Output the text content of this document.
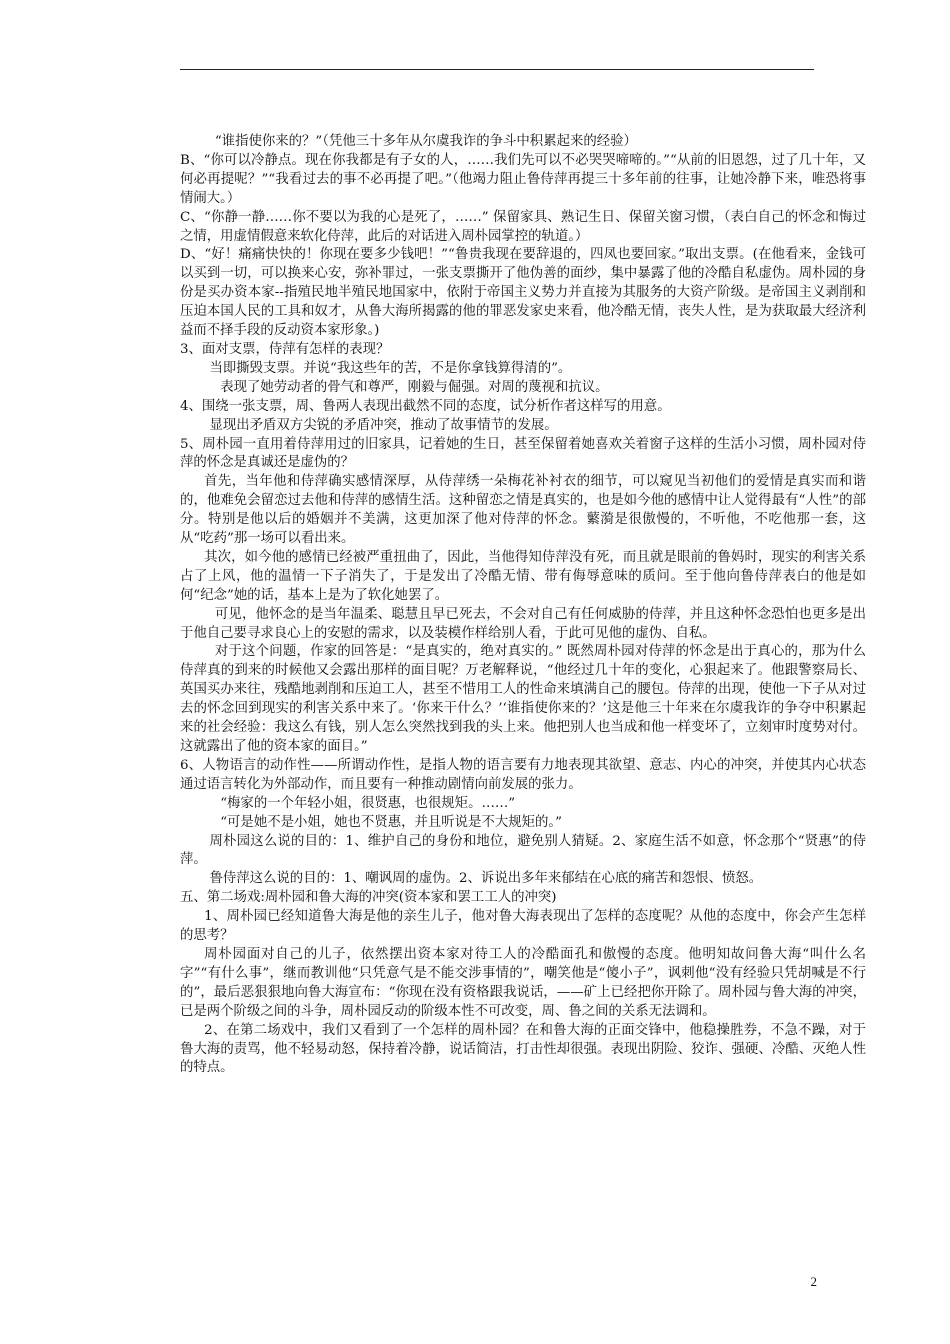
“谁指使你来的？”（凭他三十多年从尔虞我诈的争斗中积累起来的经验）

B、“你可以冷静点。现在你我都是有子女的人，……我们先可以不必哭哭啼啼的。”“从前的旧恩怨，过了几十年，又何必再提呢？”“我看过去的事不必再提了吧。”（他竭力阻止鲁侍萍再提三十多年前的往事，让她冷静下来，唯恐将事情闹大。）

C、“你静一静……你不要以为我的心是死了，……” 保留家具、熟记生日、保留关窗习惯，（表白自己的怀念和悔过之情，用虚情假意来软化侍萍，此后的对话进入周朴园掌控的轨道。）

D、“好！痛痛快快的！你现在要多少钱吧！”“鲁贵我现在要辞退的，四凤也要回家。”取出支票。(在他看来，金钱可以买到一切，可以换来心安，弥补罪过，一张支票撕开了他伪善的面纱，集中暴露了他的冷酷自私虚伪。周朴园的身份是买办资本家--指殖民地半殖民地国家中，依附于帝国主义势力并直接为其服务的大资产阶级。是帝国主义剥削和压迫本国人民的工具和奴才，从鲁大海所揭露的他的罪恶发家史来看，他冷酷无情，丧失人性，是为获取最大经济利益而不择手段的反动资本家形象。)

3、面对支票，侍萍有怎样的表现？

当即撕毁支票。并说“我这些年的苦，不是你拿钱算得清的”。

表现了她劳动者的骨气和尊严，刚毅与倔强。对周的蔑视和抗议。

4、围绕一张支票，周、鲁两人表现出截然不同的态度，试分析作者这样写的用意。

显现出矛盾双方尖锐的矛盾冲突，推动了故事情节的发展。

5、周朴园一直用着侍萍用过的旧家具，记着她的生日，甚至保留着她喜欢关着窗子这样的生活小习惯，周朴园对侍萍的怀念是真诚还是虚伪的？

首先，当年他和侍萍确实感情深厚，从侍萍绣一朵梅花补衬衣的细节，可以窥见当初他们的爱情是真实而和谐的，他难免会留恋过去他和侍萍的感情生活。这种留恋之情是真实的，也是如今他的感情中让人觉得最有“人性”的部分。特别是他以后的婚姻并不美满，这更加深了他对侍萍的怀念。蘩漪是很傲慢的，不听他，不吃他那一套，这从“吃药”那一场可以看出来。

其次，如今他的感情已经被严重扭曲了，因此，当他得知侍萍没有死，而且就是眼前的鲁妈时，现实的利害关系占了上风，他的温情一下子消失了，于是发出了冷酷无情、带有侮辱意味的质问。至于他向鲁侍萍表白的他是如何“纪念”她的话，基本上是为了软化她罢了。

可见，他怀念的是当年温柔、聪慧且早已死去，不会对自己有任何威胁的侍萍，并且这种怀念恐怕也更多是出于他自己要寻求良心上的安慰的需求，以及装模作样给别人看，于此可见他的虚伪、自私。

对于这个问题，作家的回答是：“是真实的，绝对真实的。” 既然周朴园对侍萍的怀念是出于真心的，那为什么侍萍真的到来的时候他又会露出那样的面目呢？万老解释说，“他经过几十年的变化，心狠起来了。他跟警察局长、英国买办来往，残酷地剥削和压迫工人，甚至不惜用工人的性命来填满自己的腰包。侍萍的出现，使他一下子从对过去的怀念回到现实的利害关系中来了。‘你来干什么？’‘谁指使你来的？’这是他三十年来在尔虞我诈的争夺中积累起来的社会经验：我这么有钱，别人怎么突然找到我的头上来。他把别人也当成和他一样变坏了，立刻审时度势对付。这就露出了他的资本家的面目。”

6、人物语言的动作性——所谓动作性，是指人物的语言要有力地表现其欲望、意志、内心的冲突，并使其内心状态通过语言转化为外部动作，而且要有一种推动剧情向前发展的张力。

“梅家的一个年轻小姐，很贤惠，也很规矩。……”

“可是她不是小姐，她也不贤惠，并且听说是不大规矩的。”

周朴园这么说的目的：1、维护自己的身份和地位，避免别人猜疑。2、家庭生活不如意，怀念那个“贤惠”的侍萍。

鲁侍萍这么说的目的：1、嘲讽周的虚伪。2、诉说出多年来郁结在心底的痛苦和怨恨、愤怒。

五、第二场戏:周朴园和鲁大海的冲突(资本家和罢工工人的冲突)

1、周朴园已经知道鲁大海是他的亲生儿子，他对鲁大海表现出了怎样的态度呢？从他的态度中，你会产生怎样的思考？

周朴园面对自己的儿子，依然摆出资本家对待工人的冷酷面孔和傲慢的态度。他明知故问鲁大海“叫什么名字”“有什么事”，继而教训他“只凭意气是不能交涉事情的”，嘲笑他是“傻小子”，讽刺他“没有经验只凭胡喊是不行的”，最后恶狠狠地向鲁大海宣布：“你现在没有资格跟我说话，——矿上已经把你开除了。周朴园与鲁大海的冲突，已是两个阶级之间的斗争，周朴园反动的阶级本性不可改变，周、鲁之间的关系无法调和。

2、在第二场戏中，我们又看到了一个怎样的周朴园？在和鲁大海的正面交锋中，他稳操胜券，不急不躁，对于鲁大海的责骂，他不轻易动怒，保持着冷静，说话简洁，打击性却很强。表现出阴险、狡诈、强硬、冷酷、灭绝人性的特点。

2
